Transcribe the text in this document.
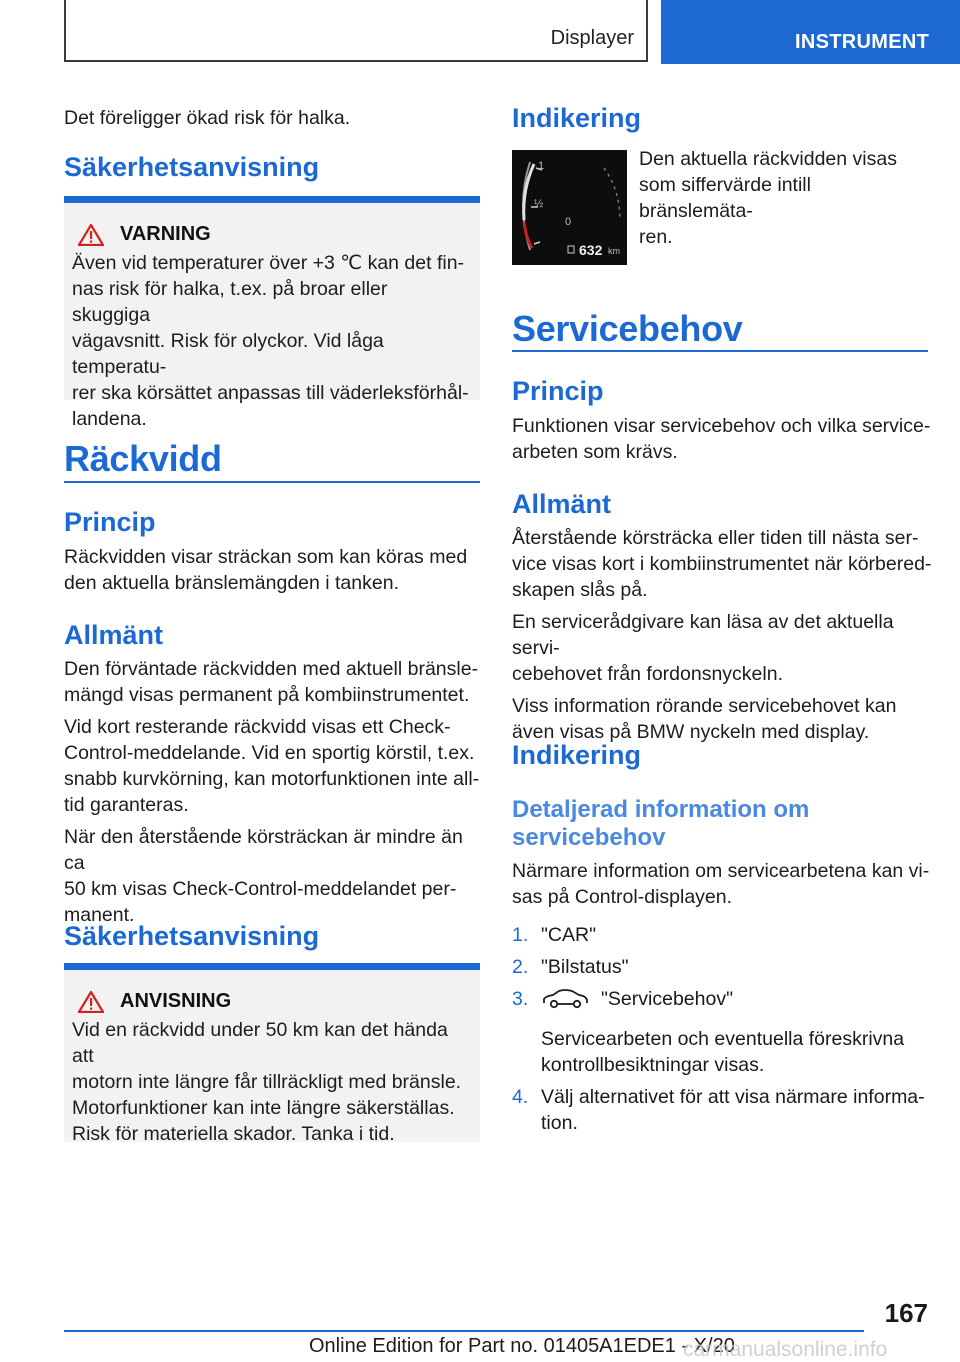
Displayer	INSTRUMENT

Det föreligger ökad risk för halka.

Säkerhetsanvisning
VARNING

Även vid temperaturer över +3 ℃ kan det fin-

nas risk för halka, t.ex. på broar eller skuggiga

vägavsnitt. Risk för olyckor. Vid låga temperatu-

rer ska körsättet anpassas till väderleksförhål-

landena.

Räckvidd
Princip

Räckvidden visar sträckan som kan köras med

den aktuella bränslemängden i tanken.

Allmänt

Den förväntade räckvidden med aktuell bränsle-

mängd visas permanent på kombiinstrumentet.

Vid kort resterande räckvidd visas ett Check-

Control-meddelande. Vid en sportig körstil, t.ex.

snabb kurvkörning, kan motorfunktionen inte all-

tid garanteras.

När den återstående körsträckan är mindre än ca

50 km visas Check-Control-meddelandet per-

manent.

Säkerhetsanvisning
ANVISNING

Vid en räckvidd under 50 km kan det hända att

motorn inte längre får tillräckligt med bränsle.

Motorfunktioner kan inte längre säkerställas.

Risk för materiella skador. Tanka i tid.

Indikering
1
½
0
632 km

Den aktuella räckvidden visas

som siffervärde intill bränslemäta-

ren.

Servicebehov
Princip

Funktionen visar servicebehov och vilka service-

arbeten som krävs.

Allmänt

Återstående körsträcka eller tiden till nästa ser-

vice visas kort i kombiinstrumentet när körbered-

skapen slås på.

En servicerådgivare kan läsa av det aktuella servi-

cebehovet från fordonsnyckeln.

Viss information rörande servicebehovet kan

även visas på BMW nyckeln med display.

Indikering

Detaljerad information om

servicebehov

Närmare information om servicearbetena kan vi-

sas på Control-displayen.

1. "CAR"
2. "Bilstatus"
3.	"Servicebehov"
Servicearbeten och eventuella föreskrivna
kontrollbesiktningar visas.
4. Välj alternativet för att visa närmare informa-
tion.
167
Online Edition for Part no. 01405A1EDE1 - X/20
carmanualsonline.info
